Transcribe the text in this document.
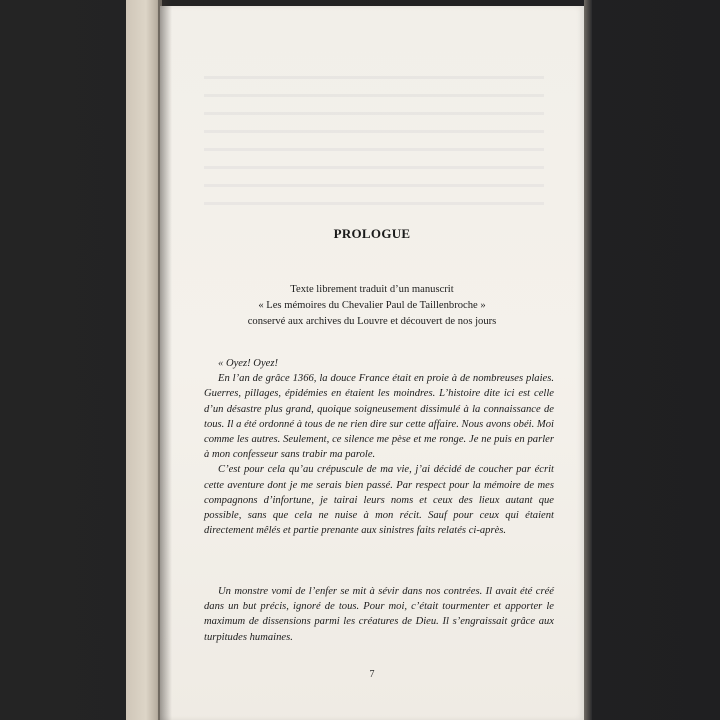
PROLOGUE
Texte librement traduit d’un manuscrit
« Les mémoires du Chevalier Paul de Taillenbroche »
conservé aux archives du Louvre et découvert de nos jours

« Oyez! Oyez!

En l’an de grâce 1366, la douce France était en proie à de nombreuses plaies. Guerres, pillages, épidémies en étaient les moindres. L’histoire dite ici est celle d’un désastre plus grand, quoique soigneusement dissimulé à la connaissance de tous. Il a été ordonné à tous de ne rien dire sur cette affaire. Nous avons obéi. Moi comme les autres. Seulement, ce silence me pèse et me ronge. Je ne puis en parler à mon confesseur sans trabir ma parole.

C’est pour cela qu’au crépuscule de ma vie, j’ai décidé de coucher par écrit cette aventure dont je me serais bien passé. Par respect pour la mémoire de mes compagnons d’infortune, je tairai leurs noms et ceux des lieux autant que possible, sans que cela ne nuise à mon récit. Sauf pour ceux qui étaient directement mêlés et partie prenante aux sinistres faits relatés ci-après.

Un monstre vomi de l’enfer se mit à sévir dans nos contrées. Il avait été créé dans un but précis, ignoré de tous. Pour moi, c’était tourmenter et apporter le maximum de dissensions parmi les créatures de Dieu. Il s’engraissait grâce aux turpitudes humaines.

7
